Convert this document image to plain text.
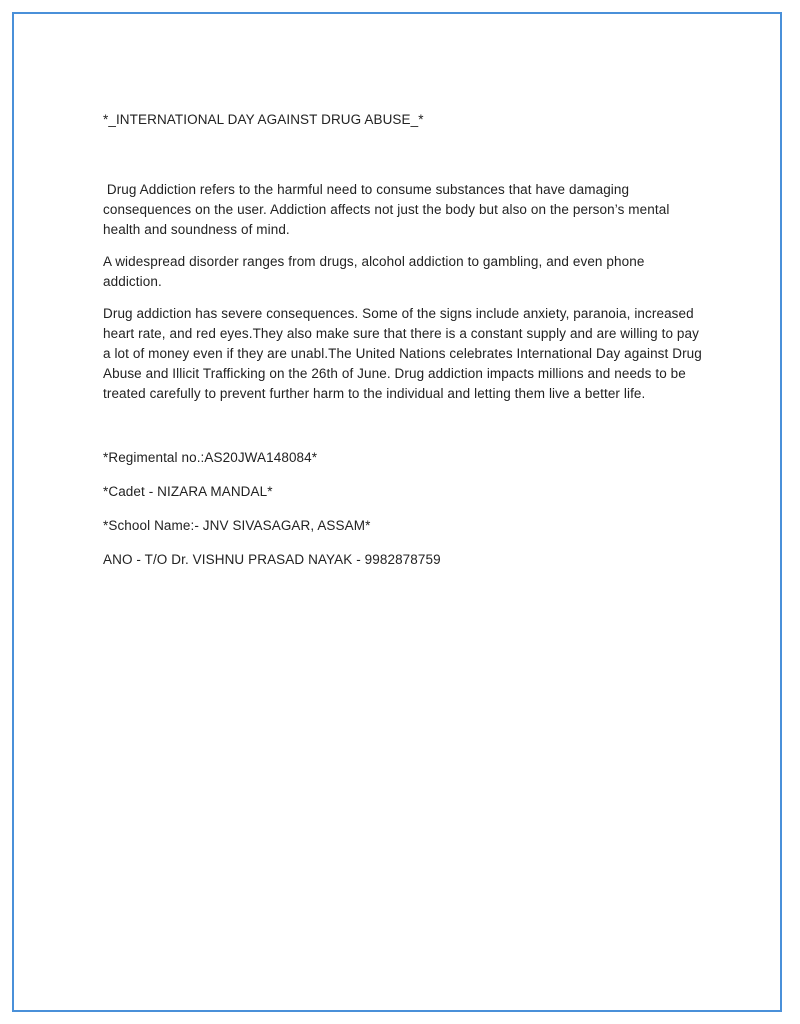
*_INTERNATIONAL DAY AGAINST DRUG ABUSE_*

Drug Addiction refers to the harmful need to consume substances that have damaging consequences on the user. Addiction affects not just the body but also on the person’s mental health and soundness of mind.

A widespread disorder ranges from drugs, alcohol addiction to gambling, and even phone addiction.

Drug addiction has severe consequences. Some of the signs include anxiety, paranoia, increased heart rate, and red eyes.They also make sure that there is a constant supply and are willing to pay a lot of money even if they are unabl.The United Nations celebrates International Day against Drug Abuse and Illicit Trafficking on the 26th of June. Drug addiction impacts millions and needs to be treated carefully to prevent further harm to the individual and letting them live a better life.

*Regimental no.:AS20JWA148084*

*Cadet - NIZARA MANDAL*

*School Name:- JNV SIVASAGAR, ASSAM*

ANO - T/O Dr. VISHNU PRASAD NAYAK - 9982878759
